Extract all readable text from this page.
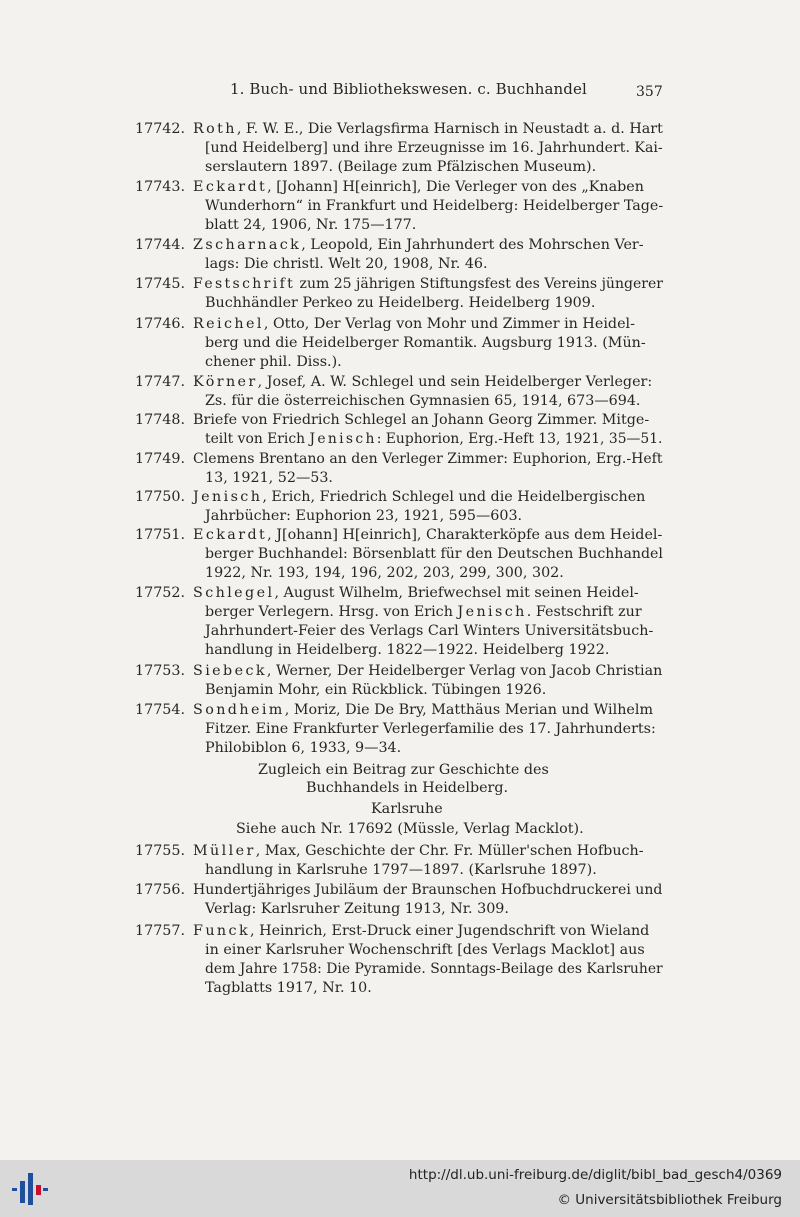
1. Buch- und Bibliothekswesen. c. Buchhandel	357
17742. Roth, F. W. E., Die Verlagsfirma Harnisch in Neustadt a. d. Hart
[und Heidelberg] und ihre Erzeugnisse im 16. Jahrhundert. Kai-
serslautern 1897. (Beilage zum Pfälzischen Museum).
17743. Eckardt, [Johann] H[einrich], Die Verleger von des „Knaben
Wunderhorn“ in Frankfurt und Heidelberg: Heidelberger Tage-
blatt 24, 1906, Nr. 175—177.
17744. Zscharnack, Leopold, Ein Jahrhundert des Mohrschen Ver-
lags: Die christl. Welt 20, 1908, Nr. 46.
17745. Festschrift zum 25 jährigen Stiftungsfest des Vereins jüngerer
Buchhändler Perkeo zu Heidelberg. Heidelberg 1909.
17746. Reichel, Otto, Der Verlag von Mohr und Zimmer in Heidel-
berg und die Heidelberger Romantik. Augsburg 1913. (Mün-
chener phil. Diss.).
17747. Körner, Josef, A. W. Schlegel und sein Heidelberger Verleger:
Zs. für die österreichischen Gymnasien 65, 1914, 673—694.
17748. Briefe von Friedrich Schlegel an Johann Georg Zimmer. Mitge-
teilt von Erich Jenisch: Euphorion, Erg.-Heft 13, 1921, 35—51.
17749. Clemens Brentano an den Verleger Zimmer: Euphorion, Erg.-Heft
13, 1921, 52—53.
17750. Jenisch, Erich, Friedrich Schlegel und die Heidelbergischen
Jahrbücher: Euphorion 23, 1921, 595—603.
17751. Eckardt, J[ohann] H[einrich], Charakterköpfe aus dem Heidel-
berger Buchhandel: Börsenblatt für den Deutschen Buchhandel
1922, Nr. 193, 194, 196, 202, 203, 299, 300, 302.
17752. Schlegel, August Wilhelm, Briefwechsel mit seinen Heidel-
berger Verlegern. Hrsg. von Erich Jenisch. Festschrift zur
Jahrhundert-Feier des Verlags Carl Winters Universitätsbuch-
handlung in Heidelberg. 1822—1922. Heidelberg 1922.
17753. Siebeck, Werner, Der Heidelberger Verlag von Jacob Christian
Benjamin Mohr, ein Rückblick. Tübingen 1926.
17754. Sondheim, Moriz, Die De Bry, Matthäus Merian und Wilhelm
Fitzer. Eine Frankfurter Verlegerfamilie des 17. Jahrhunderts:
Philobiblon 6, 1933, 9—34.
Zugleich ein Beitrag zur Geschichte des
Buchhandels in Heidelberg.
Karlsruhe
Siehe auch Nr. 17692 (Müssle, Verlag Macklot).
17755. Müller, Max, Geschichte der Chr. Fr. Müller'schen Hofbuch-
handlung in Karlsruhe 1797—1897. (Karlsruhe 1897).
17756. Hundertjähriges Jubiläum der Braunschen Hofbuchdruckerei und
Verlag: Karlsruher Zeitung 1913, Nr. 309.
17757. Funck, Heinrich, Erst-Druck einer Jugendschrift von Wieland
in einer Karlsruher Wochenschrift [des Verlags Macklot] aus
dem Jahre 1758: Die Pyramide. Sonntags-Beilage des Karlsruher
Tagblatts 1917, Nr. 10.
http://dl.ub.uni-freiburg.de/diglit/bibl_bad_gesch4/0369
© Universitätsbibliothek Freiburg
